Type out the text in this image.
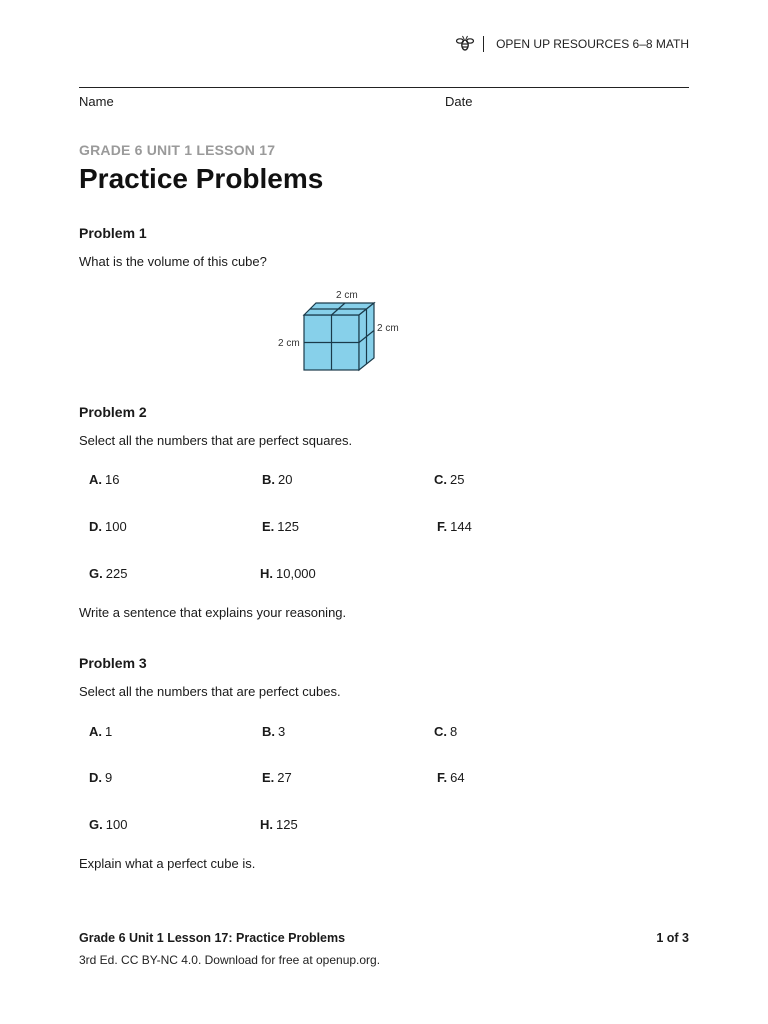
OPEN UP RESOURCES 6–8 MATH
Name	Date
GRADE 6 UNIT 1 LESSON 17
Practice Problems
Problem 1
What is the volume of this cube?
2 cm
2 cm
2 cm
Problem 2
Select all the numbers that are perfect squares.
A. 16	B. 20	C. 25
D. 100	E. 125	F. 144
G. 225	H. 10,000
Write a sentence that explains your reasoning.
Problem 3
Select all the numbers that are perfect cubes.
A. 1	B. 3	C. 8
D. 9	E. 27	F. 64
G. 100	H. 125
Explain what a perfect cube is.
Grade 6 Unit 1 Lesson 17: Practice Problems	1 of 3
3rd Ed. CC BY-NC 4.0. Download for free at openup.org.
